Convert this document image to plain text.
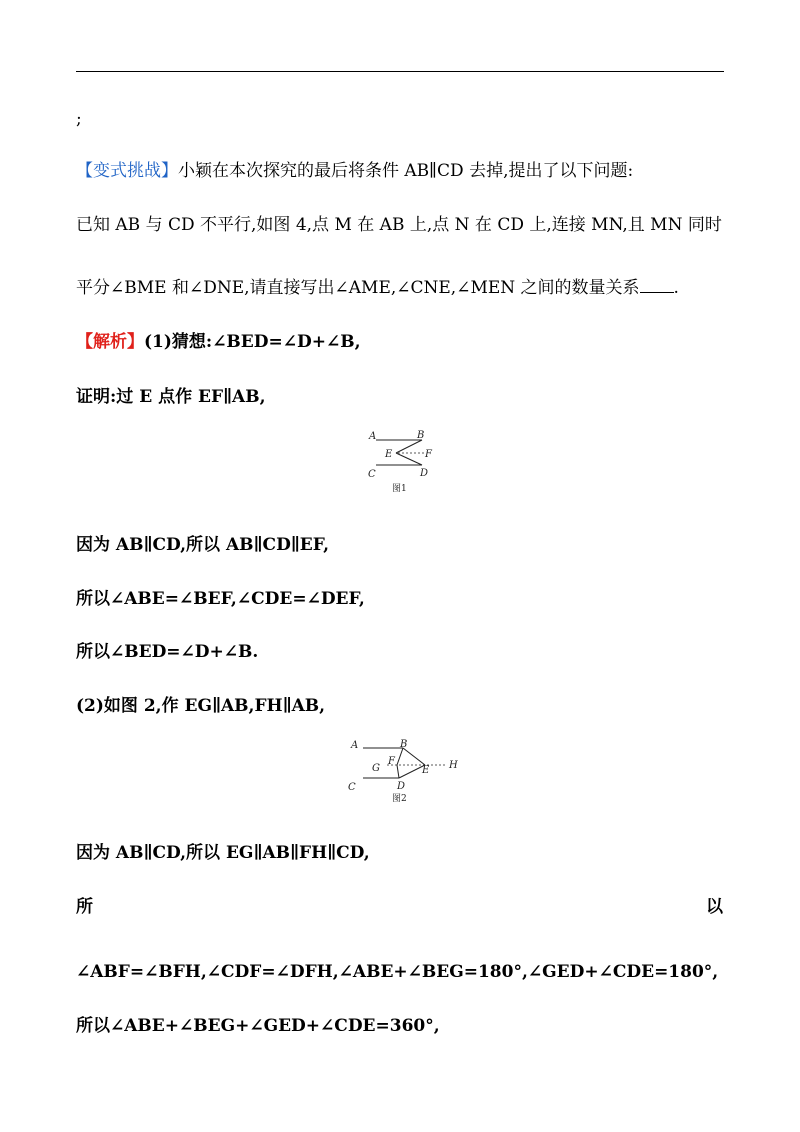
;
【变式挑战】小颖在本次探究的最后将条件 AB∥CD 去掉,提出了以下问题:
已知 AB 与 CD 不平行,如图 4,点 M 在 AB 上,点 N 在 CD 上,连接 MN,且 MN 同时
平分∠BME 和∠DNE,请直接写出∠AME,∠CNE,∠MEN 之间的数量关系 .
【解析】(1)猜想:∠BED=∠D+∠B,
证明:过 E 点作 EF∥AB,
A	B
E	F
C	D
图1
因为 AB∥CD,所以 AB∥CD∥EF,
所以∠ABE=∠BEF,∠CDE=∠DEF,
所以∠BED=∠D+∠B.
(2)如图 2,作 EG∥AB,FH∥AB,
A	B
G
F
E H
C	D
图2
因为 AB∥CD,所以 EG∥AB∥FH∥CD,
所	以
∠ABF=∠BFH,∠CDF=∠DFH,∠ABE+∠BEG=180°,∠GED+∠CDE=180°,
所以∠ABE+∠BEG+∠GED+∠CDE=360°,
